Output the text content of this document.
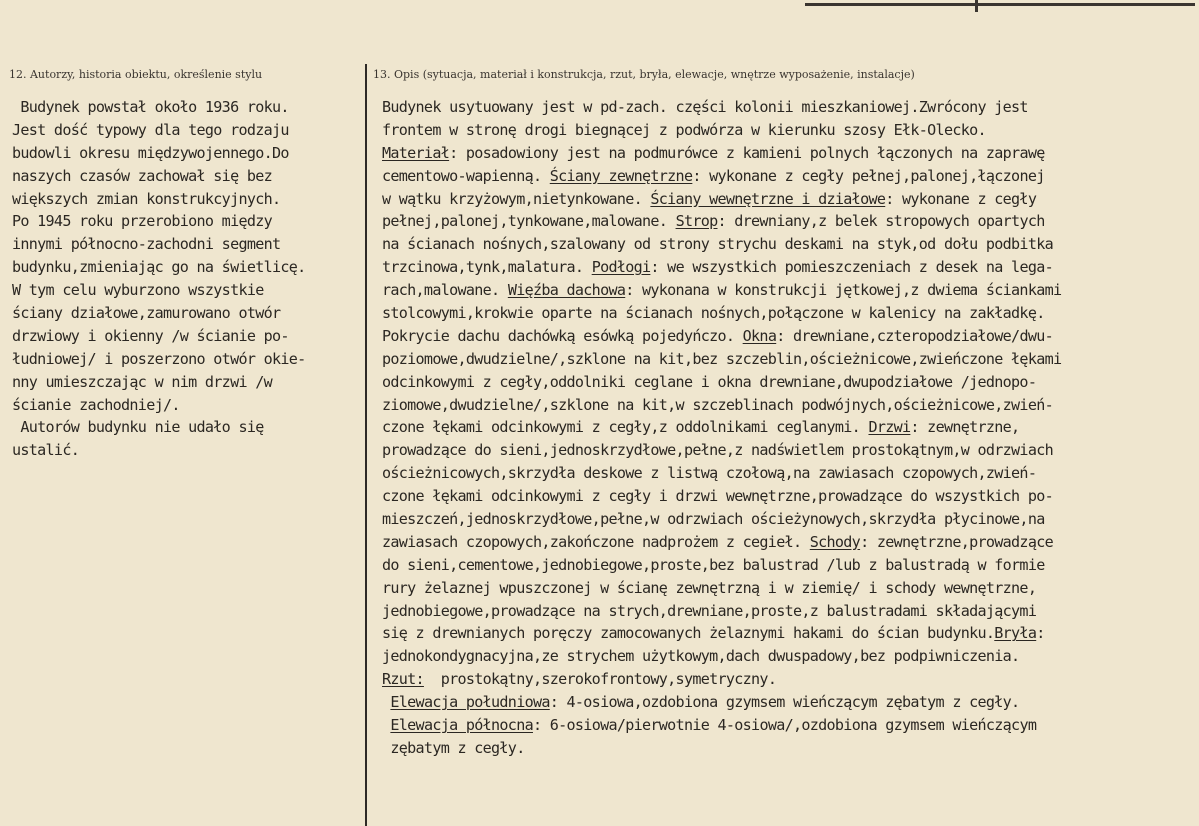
12. Autorzy, historia obiektu, określenie stylu	13. Opis (sytuacja, materiał i konstrukcja, rzut, bryła, elewacje, wnętrze wyposażenie, instalacje)
Budynek powstał około 1936 roku.
Jest dość typowy dla tego rodzaju
budowli okresu międzywojennego.Do
naszych czasów zachował się bez
większych zmian konstrukcyjnych.
Po 1945 roku przerobiono między
innymi północno-zachodni segment
budynku,zmieniając go na świetlicę.
W tym celu wyburzono wszystkie
ściany działowe,zamurowano otwór
drzwiowy i okienny /w ścianie po-
łudniowej/ i poszerzono otwór okie-
nny umieszczając w nim drzwi /w
ścianie zachodniej/.
Autorów budynku nie udało się
ustalić.
Budynek usytuowany jest w pd-zach. części kolonii mieszkaniowej.Zwrócony jest
frontem w stronę drogi biegnącej z podwórza w kierunku szosy Ełk-Olecko.
Materiał: posadowiony jest na podmurówce z kamieni polnych łączonych na zaprawę
cementowo-wapienną. Ściany zewnętrzne: wykonane z cegły pełnej,palonej,łączonej
w wątku krzyżowym,nietynkowane. Ściany wewnętrzne i działowe: wykonane z cegły
pełnej,palonej,tynkowane,malowane. Strop: drewniany,z belek stropowych opartych
na ścianach nośnych,szalowany od strony strychu deskami na styk,od dołu podbitka
trzcinowa,tynk,malatura. Podłogi: we wszystkich pomieszczeniach z desek na lega-
rach,malowane. Więźba dachowa: wykonana w konstrukcji jętkowej,z dwiema ściankami
stolcowymi,krokwie oparte na ścianach nośnych,połączone w kalenicy na zakładkę.
Pokrycie dachu dachówką esówką pojedyńczo. Okna: drewniane,czteropodziałowe/dwu-
poziomowe,dwudzielne/,szklone na kit,bez szczeblin,ościeżnicowe,zwieńczone łękami
odcinkowymi z cegły,oddolniki ceglane i okna drewniane,dwupodziałowe /jednopo-
ziomowe,dwudzielne/,szklone na kit,w szczeblinach podwójnych,ościeżnicowe,zwień-
czone łękami odcinkowymi z cegły,z oddolnikami ceglanymi. Drzwi: zewnętrzne,
prowadzące do sieni,jednoskrzydłowe,pełne,z nadświetlem prostokątnym,w odrzwiach
ościeżnicowych,skrzydła deskowe z listwą czołową,na zawiasach czopowych,zwień-
czone łękami odcinkowymi z cegły i drzwi wewnętrzne,prowadzące do wszystkich po-
mieszczeń,jednoskrzydłowe,pełne,w odrzwiach ościeżynowych,skrzydła płycinowe,na
zawiasach czopowych,zakończone nadprożem z cegieł. Schody: zewnętrzne,prowadzące
do sieni,cementowe,jednobiegowe,proste,bez balustrad /lub z balustradą w formie
rury żelaznej wpuszczonej w ścianę zewnętrzną i w ziemię/ i schody wewnętrzne,
jednobiegowe,prowadzące na strych,drewniane,proste,z balustradami składającymi
się z drewnianych poręczy zamocowanych żelaznymi hakami do ścian budynku.Bryła:
jednokondygnacyjna,ze strychem użytkowym,dach dwuspadowy,bez podpiwniczenia.
Rzut:  prostokątny,szerokofrontowy,symetryczny.
Elewacja południowa: 4-osiowa,ozdobiona gzymsem wieńczącym zębatym z cegły.
Elewacja północna: 6-osiowa/pierwotnie 4-osiowa/,ozdobiona gzymsem wieńczącym
zębatym z cegły.
